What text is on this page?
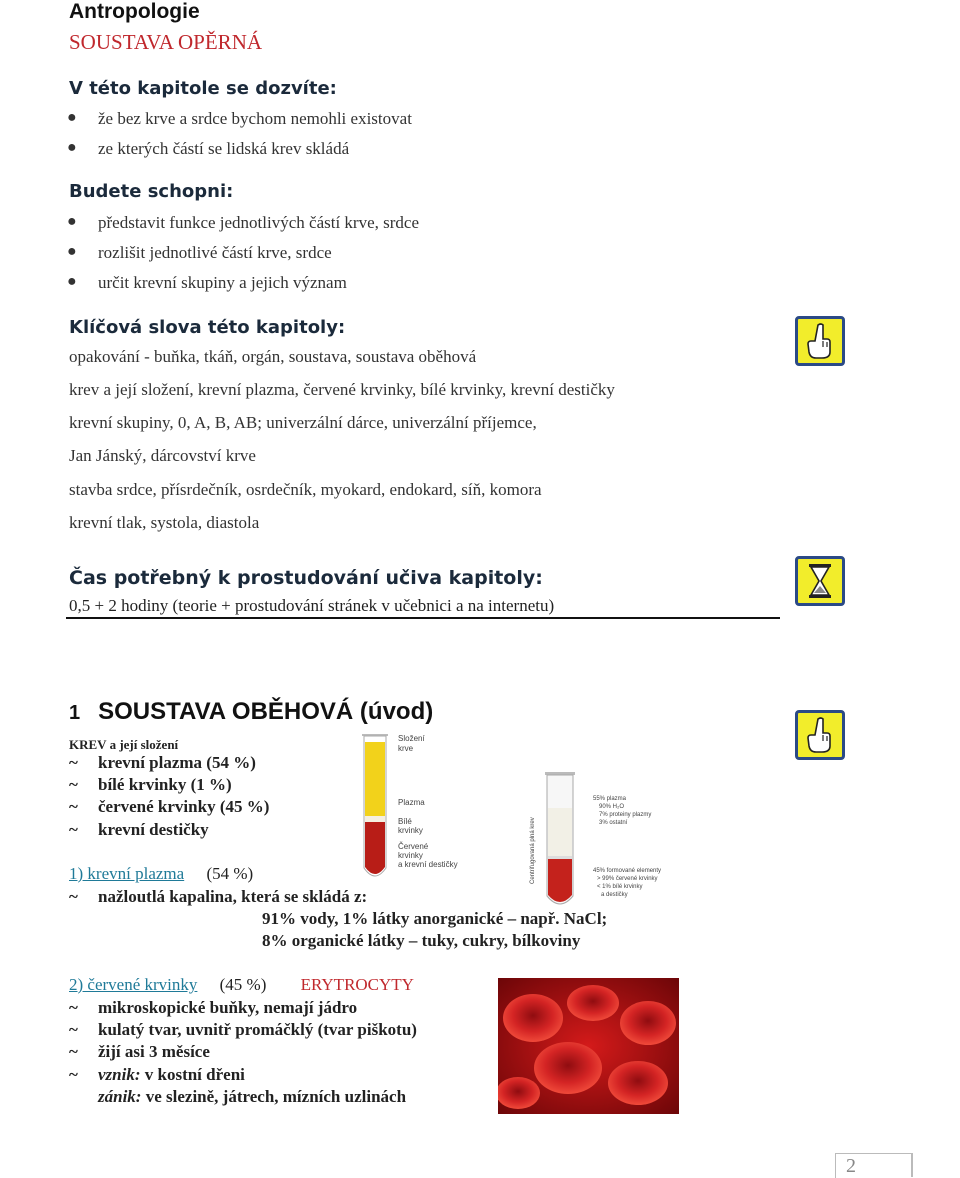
Antropologie
SOUSTAVA OPĚRNÁ
V této kapitole se dozvíte:
● že bez krve a srdce bychom nemohli existovat
● ze kterých částí se lidská krev skládá
Budete schopni:
● představit funkce jednotlivých částí krve, srdce
● rozlišit jednotlivé částí krve, srdce
● určit krevní skupiny a jejich význam
Klíčová slova této kapitoly:
opakování - buňka, tkáň, orgán, soustava, soustava oběhová
krev a její složení, krevní plazma, červené krvinky, bílé krvinky, krevní destičky
krevní skupiny, 0, A, B, AB; univerzální dárce, univerzální příjemce,
Jan Jánský, dárcovství krve
stavba srdce, přísrdečník, osrdečník, myokard, endokard, síň, komora
krevní tlak, systola, diastola
Čas potřebný k prostudování učiva kapitoly:
0,5 + 2 hodiny (teorie + prostudování stránek v učebnici a na internetu)
1 SOUSTAVA OBĚHOVÁ (úvod)
KREV a její složení
~ krevní plazma (54 %)
~ bílé krvinky (1 %)
~ červené krvinky (45 %)
~ krevní destičky
Složení
krve
Plazma
Bílé
krvinky
Červené
krvinky
a krevní destičky	Centrifugovaná plná krev
55% plazma
90% H₂O
7% proteiny plazmy
3% ostatní
45% formované elementy
> 99% červené krvinky
< 1% bílé krvinky
a destičky
1) krevní plazma (54 %)
~ nažloutlá kapalina, která se skládá z:
91% vody, 1% látky anorganické – např. NaCl;
8% organické látky – tuky, cukry, bílkoviny
2) červené krvinky (45 %) ERYTROCYTY
~ mikroskopické buňky, nemají jádro
~ kulatý tvar, uvnitř promáčklý (tvar piškotu)
~ žijí asi 3 měsíce
~ vznik: v kostní dřeni
zánik: ve slezině, játrech, mízních uzlinách
2
